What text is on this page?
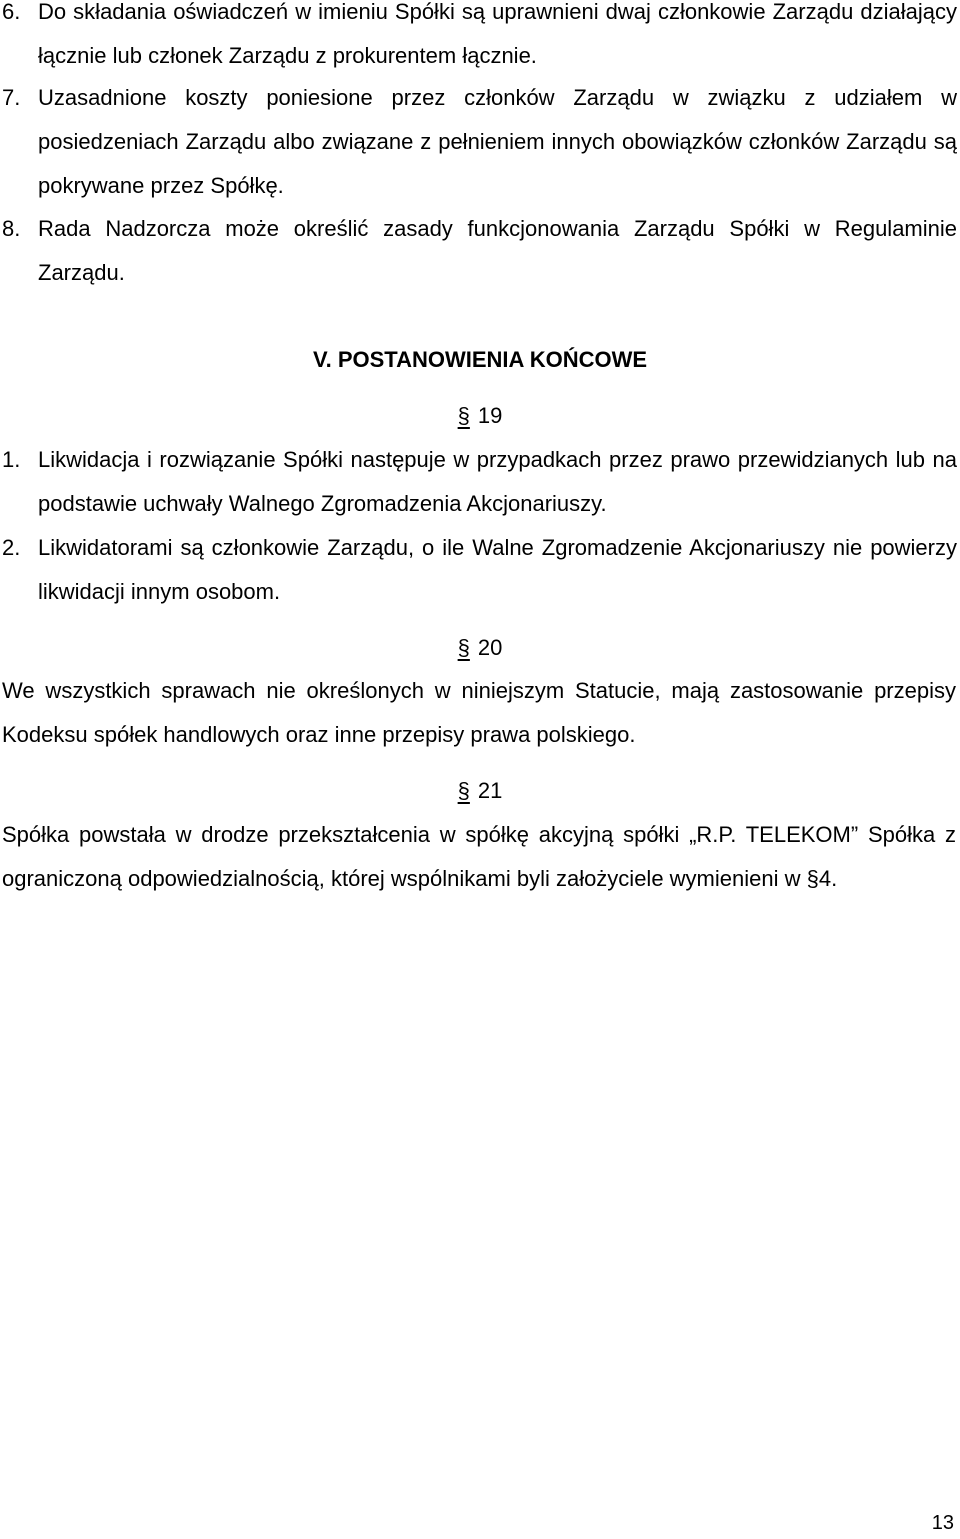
6. Do składania oświadczeń w imieniu Spółki są uprawnieni dwaj członkowie Zarządu działający łącznie lub członek Zarządu z prokurentem łącznie.
7. Uzasadnione koszty poniesione przez członków Zarządu w związku z udziałem w posiedzeniach Zarządu albo związane z pełnieniem innych obowiązków członków Zarządu są pokrywane przez Spółkę.
8. Rada Nadzorcza może określić zasady funkcjonowania Zarządu Spółki w Regulaminie Zarządu.
V. POSTANOWIENIA KOŃCOWE
§ 19
1. Likwidacja i rozwiązanie Spółki następuje w przypadkach przez prawo przewidzianych lub na podstawie uchwały Walnego Zgromadzenia Akcjonariuszy.
2. Likwidatorami są członkowie Zarządu, o ile Walne Zgromadzenie Akcjonariuszy nie powierzy likwidacji innym osobom.
§ 20
We wszystkich sprawach nie określonych w niniejszym Statucie, mają zastosowanie przepisy Kodeksu spółek handlowych oraz inne przepisy prawa polskiego.
§ 21
Spółka powstała w drodze przekształcenia w spółkę akcyjną spółki „R.P. TELEKOM” Spółka z ograniczoną odpowiedzialnością, której wspólnikami byli założyciele wymienieni w §4.
13
